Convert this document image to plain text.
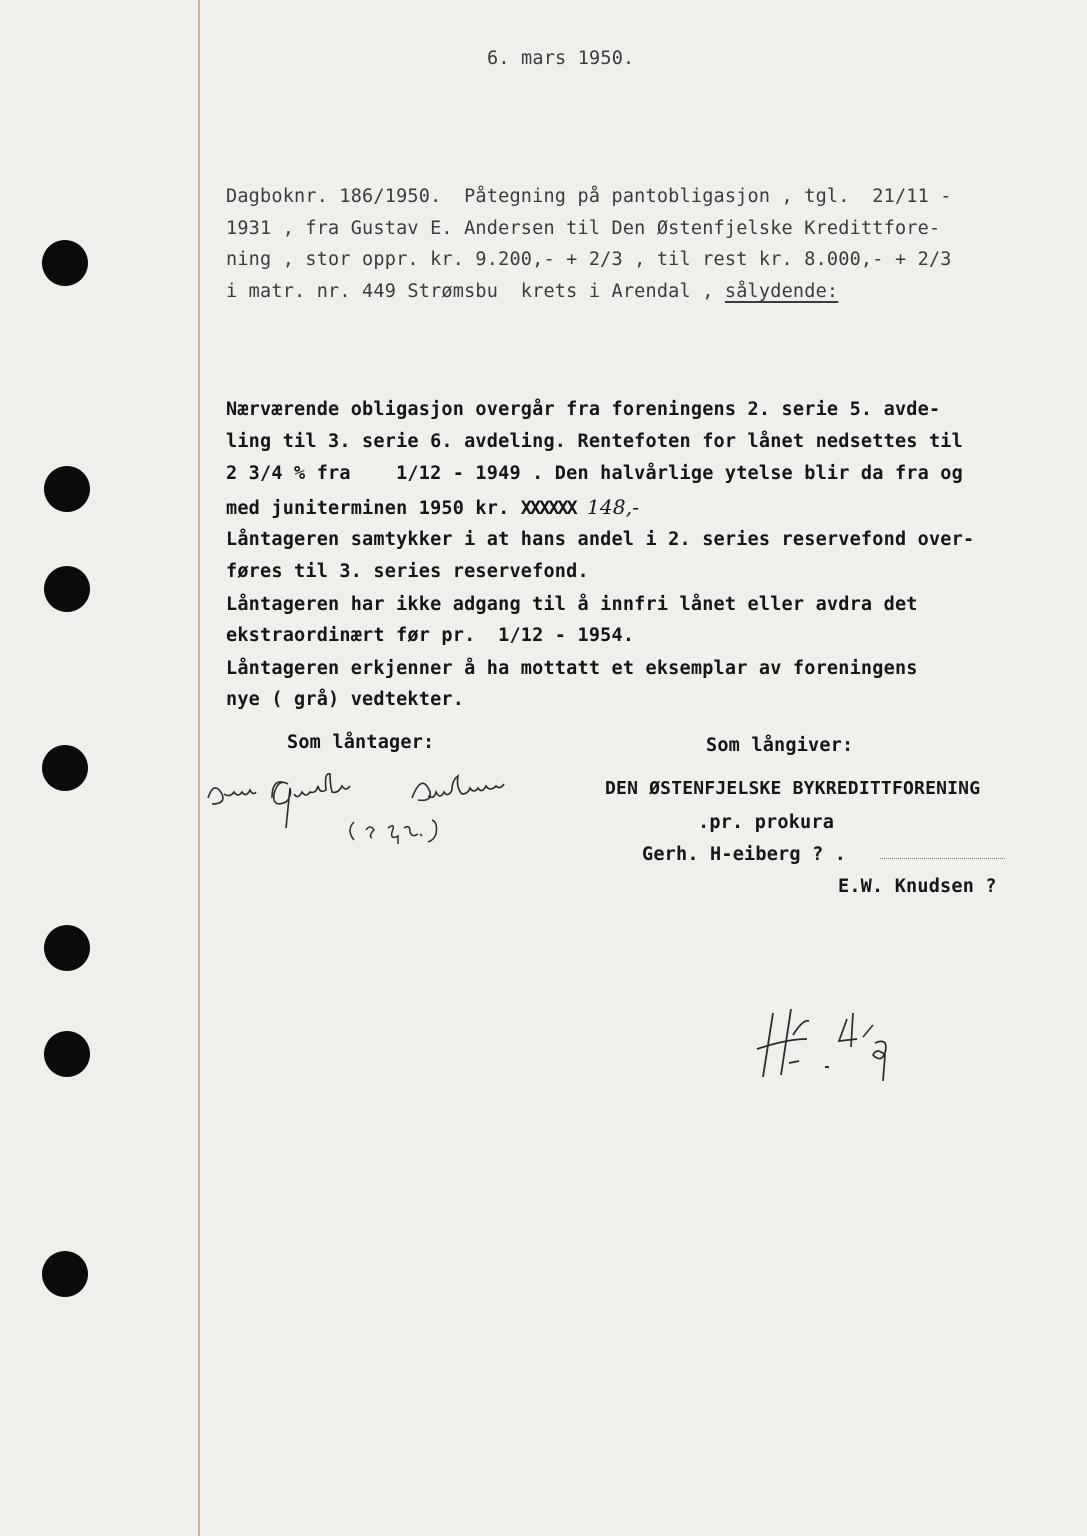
6. mars 1950.
Dagboknr. 186/1950.  Påtegning på pantobligasjon , tgl.  21/11 -
1931 , fra Gustav E. Andersen til Den Østenfjelske Kredittfore-
ning , stor oppr. kr. 9.200,- + 2/3 , til rest kr. 8.000,- + 2/3
i matr. nr. 449 Strømsbu  krets i Arendal , sålydende:
Nærværende obligasjon overgår fra foreningens 2. serie 5. avde-
ling til 3. serie 6. avdeling. Rentefoten for lånet nedsettes til
2 3/4 % fra    1/12 - 1949 . Den halvårlige ytelse blir da fra og
med juniterminen 1950 kr. XXXXXX 148,-
Låntageren samtykker i at hans andel i 2. series reservefond over-
føres til 3. series reservefond.
Låntageren har ikke adgang til å innfri lånet eller avdra det
ekstraordinært før pr.  1/12 - 1954.
Låntageren erkjenner å ha mottatt et eksemplar av foreningens
nye ( grå) vedtekter.
Som låntager:	Som långiver:
DEN ØSTENFJELSKE BYKREDITTFORENING
.pr. prokura
Gerh. H-eiberg ? .
E.W. Knudsen ?
